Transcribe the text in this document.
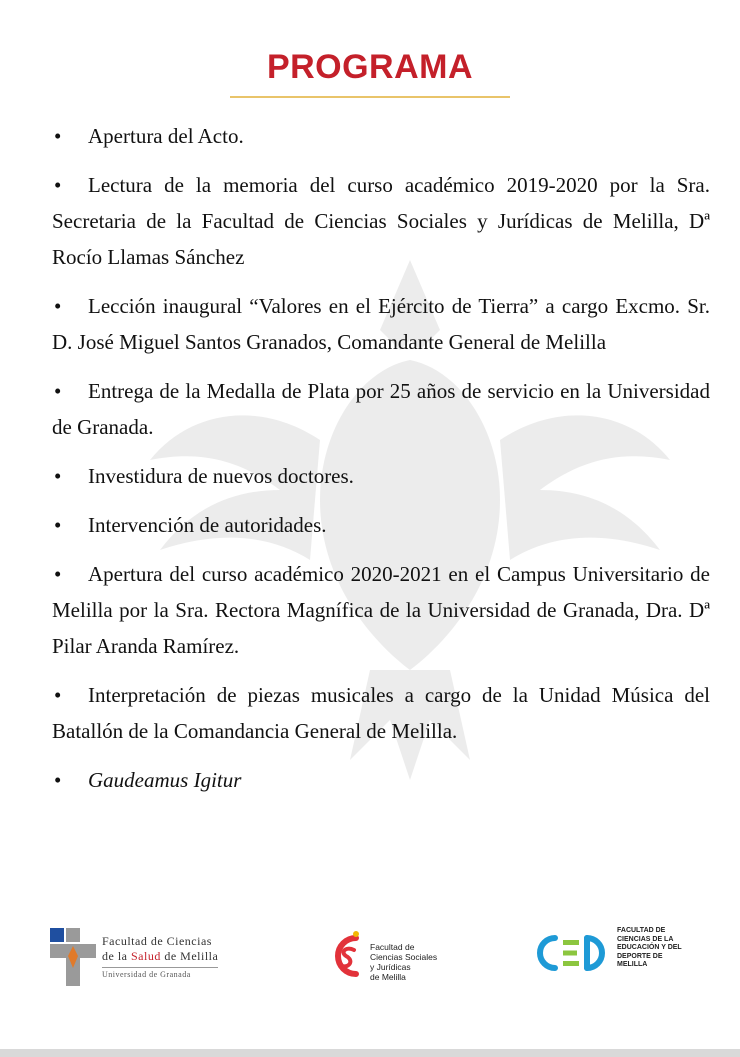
PROGRAMA
• Apertura del Acto.
• Lectura de la memoria del curso académico 2019-2020 por la Sra. Secretaria de la Facultad de Ciencias Sociales y Jurídicas de Melilla, Dª Rocío Llamas Sánchez
• Lección inaugural “Valores en el Ejército de Tierra” a cargo Excmo. Sr. D. José Miguel Santos Granados, Comandante General de Melilla
• Entrega de la Medalla de Plata por 25 años de servicio en la Universidad de Granada.
• Investidura de nuevos doctores.
• Intervención de autoridades.
• Apertura del curso académico 2020-2021 en el Campus Universitario de Melilla por la Sra. Rectora Magnífica de la Universidad de Granada, Dra. Dª Pilar Aranda Ramírez.
• Interpretación de piezas musicales a cargo de la Unidad Música del Batallón de la Comandancia General de Melilla.
• Gaudeamus Igitur
Facultad de Ciencias
de la Salud de Melilla
Universidad de Granada
Facultad de
Ciencias Sociales
y Jurídicas
de Melilla
FACULTAD DE
CIENCIAS DE LA
EDUCACIÓN Y DEL
DEPORTE DE
MELILLA
